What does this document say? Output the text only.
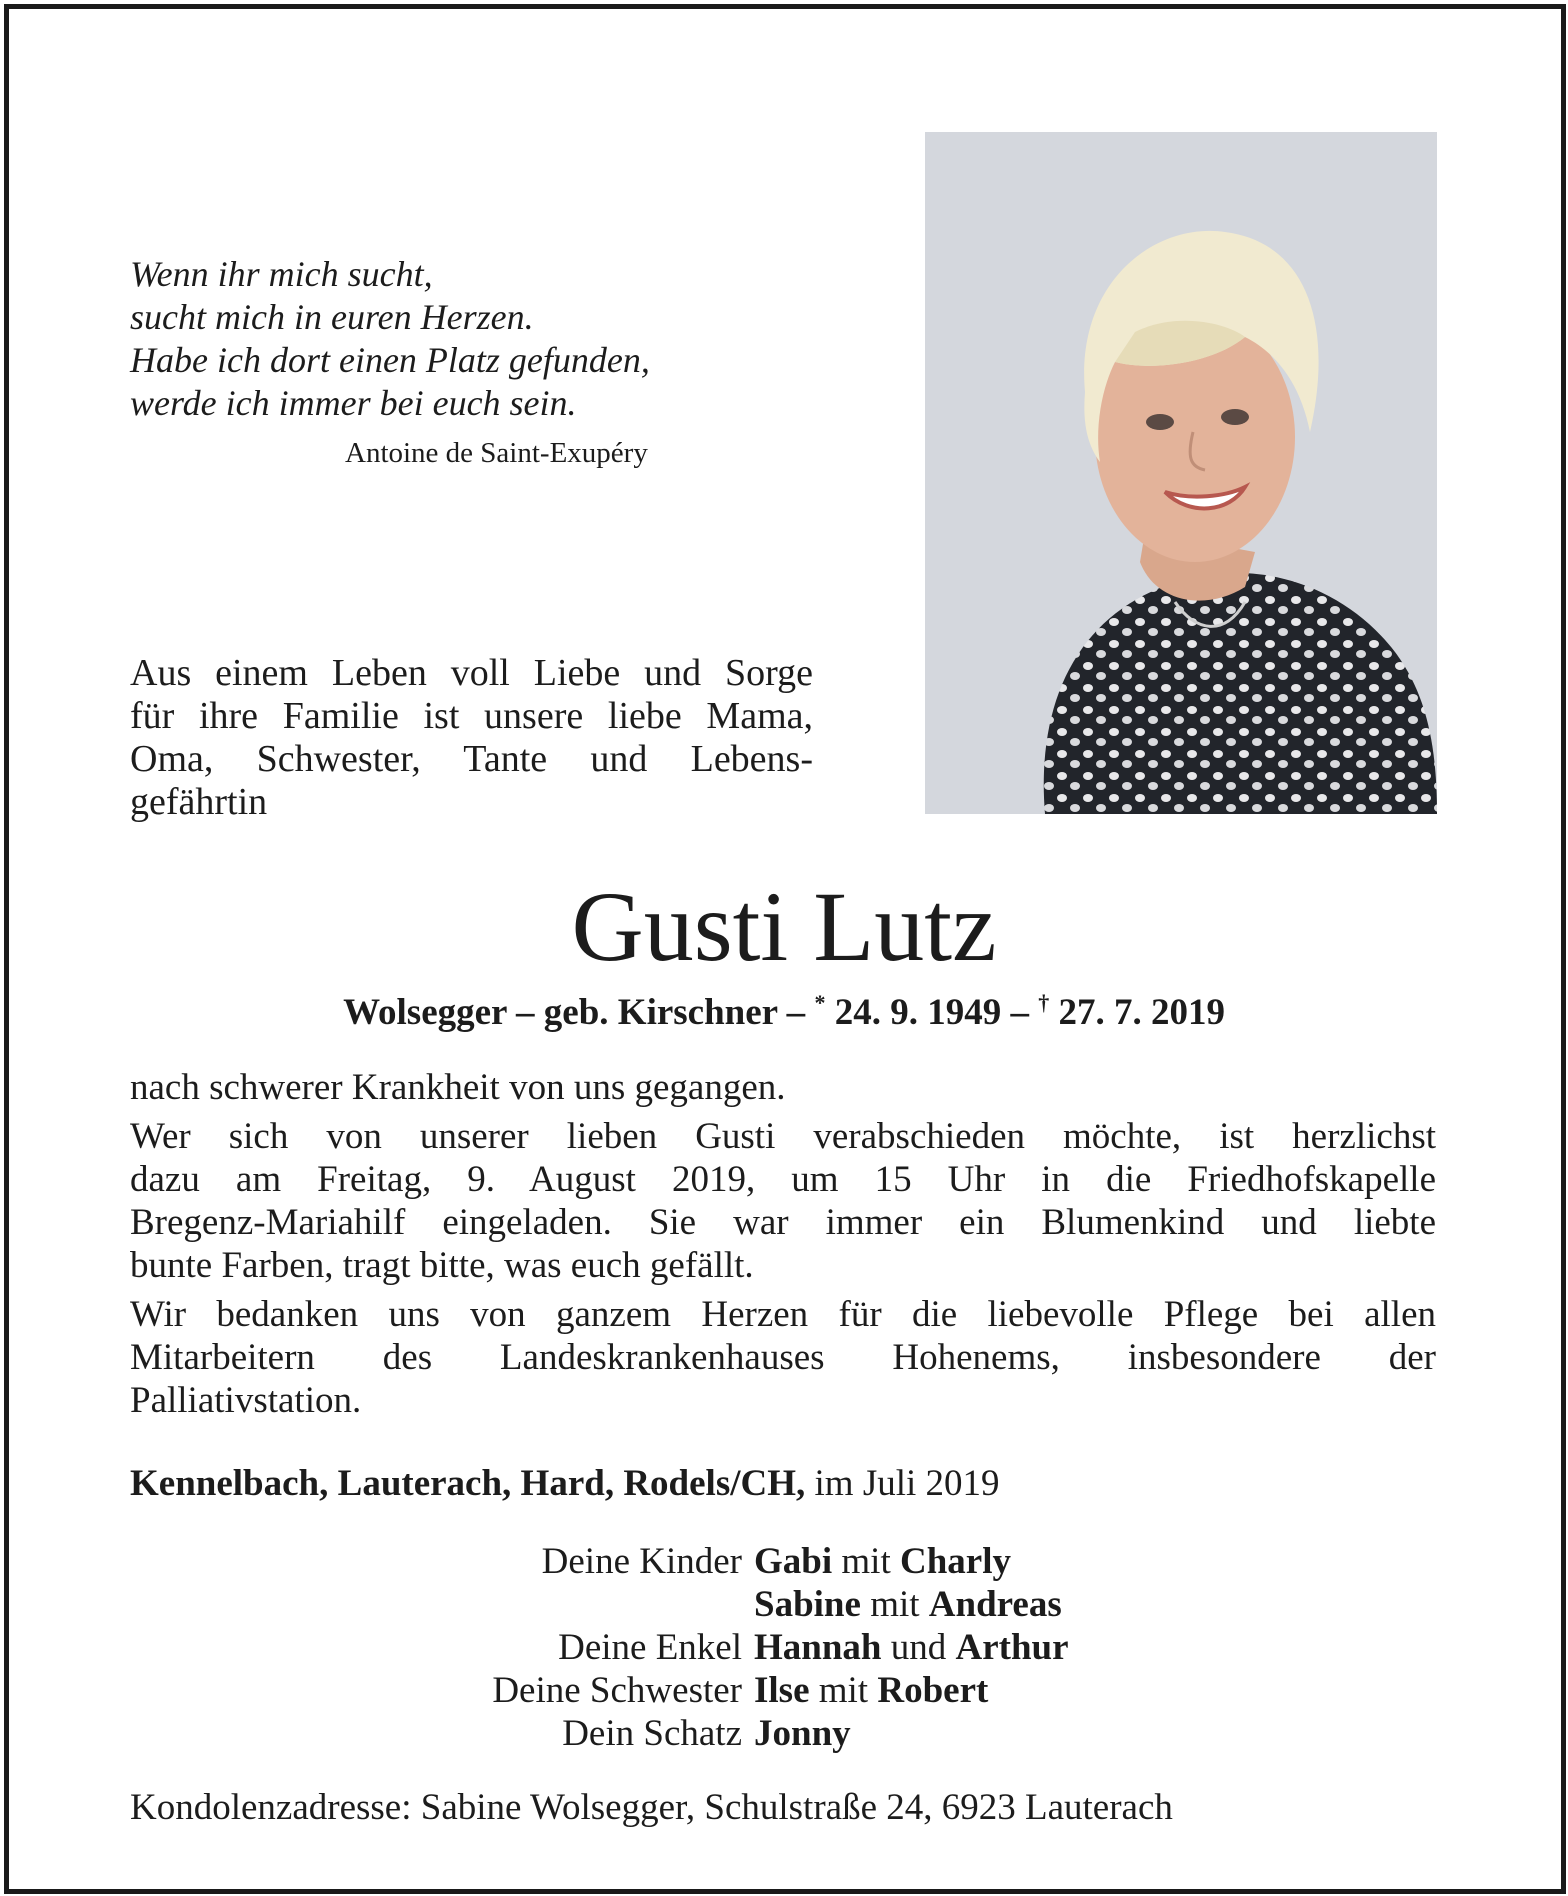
Wenn ihr mich sucht,
sucht mich in euren Herzen.
Habe ich dort einen Platz gefunden,
werde ich immer bei euch sein.
Antoine de Saint-Exupéry
Aus einem Leben voll Liebe und Sorge
für ihre Familie ist unsere liebe Mama,
Oma, Schwester, Tante und Lebens-
gefährtin
Gusti Lutz
Wolsegger – geb. Kirschner – * 24. 9. 1949 – † 27. 7. 2019
nach schwerer Krankheit von uns gegangen.
Wer sich von unserer lieben Gusti verabschieden möchte, ist herzlichst
dazu am Freitag, 9. August 2019, um 15 Uhr in die Friedhofskapelle
Bregenz-Mariahilf eingeladen. Sie war immer ein Blumenkind und liebte
bunte Farben, tragt bitte, was euch gefällt.
Wir bedanken uns von ganzem Herzen für die liebevolle Pflege bei allen
Mitarbeitern des Landeskrankenhauses Hohenems, insbesondere der
Palliativstation.
Kennelbach, Lauterach, Hard, Rodels/CH, im Juli 2019
Deine Kinder Gabi mit Charly
Sabine mit Andreas
Deine Enkel Hannah und Arthur
Deine Schwester Ilse mit Robert
Dein Schatz Jonny
Kondolenzadresse: Sabine Wolsegger, Schulstraße 24, 6923 Lauterach
